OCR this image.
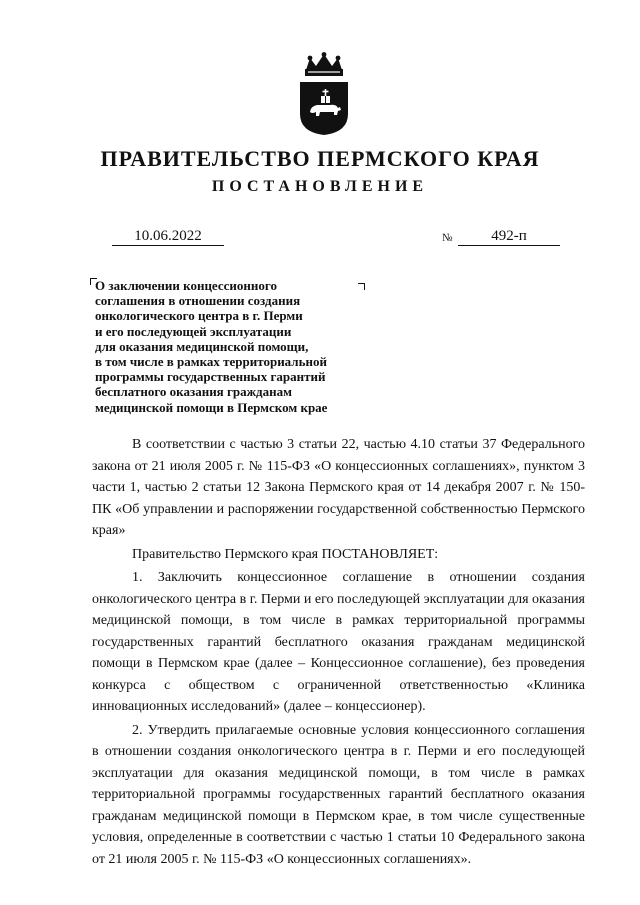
ПРАВИТЕЛЬСТВО ПЕРМСКОГО КРАЯ
ПОСТАНОВЛЕНИЕ
10.06.2022	№	492-п
О заключении концессионного
соглашения в отношении создания
онкологического центра в г. Перми
и его последующей эксплуатации
для оказания медицинской помощи,
в том числе в рамках территориальной
программы государственных гарантий
бесплатного оказания гражданам
медицинской помощи в Пермском крае

В соответствии с частью 3 статьи 22, частью 4.10 статьи 37 Федерального закона от 21 июля 2005 г. № 115-ФЗ «О концессионных соглашениях», пунктом 3 части 1, частью 2 статьи 12 Закона Пермского края от 14 декабря 2007 г. № 150-ПК «Об управлении и распоряжении государственной собственностью Пермского края»

Правительство Пермского края ПОСТАНОВЛЯЕТ:

1. Заключить концессионное соглашение в отношении создания онкологического центра в г. Перми и его последующей эксплуатации для оказания медицинской помощи, в том числе в рамках территориальной программы государственных гарантий бесплатного оказания гражданам медицинской помощи в Пермском крае (далее – Концессионное соглашение), без проведения конкурса с обществом с ограниченной ответственностью «Клиника инновационных исследований» (далее – концессионер).

2. Утвердить прилагаемые основные условия концессионного соглашения в отношении создания онкологического центра в г. Перми и его последующей эксплуатации для оказания медицинской помощи, в том числе в рамках территориальной программы государственных гарантий бесплатного оказания гражданам медицинской помощи в Пермском крае, в том числе существенные условия, определенные в соответствии с частью 1 статьи 10 Федерального закона от 21 июля 2005 г. № 115-ФЗ «О концессионных соглашениях».
